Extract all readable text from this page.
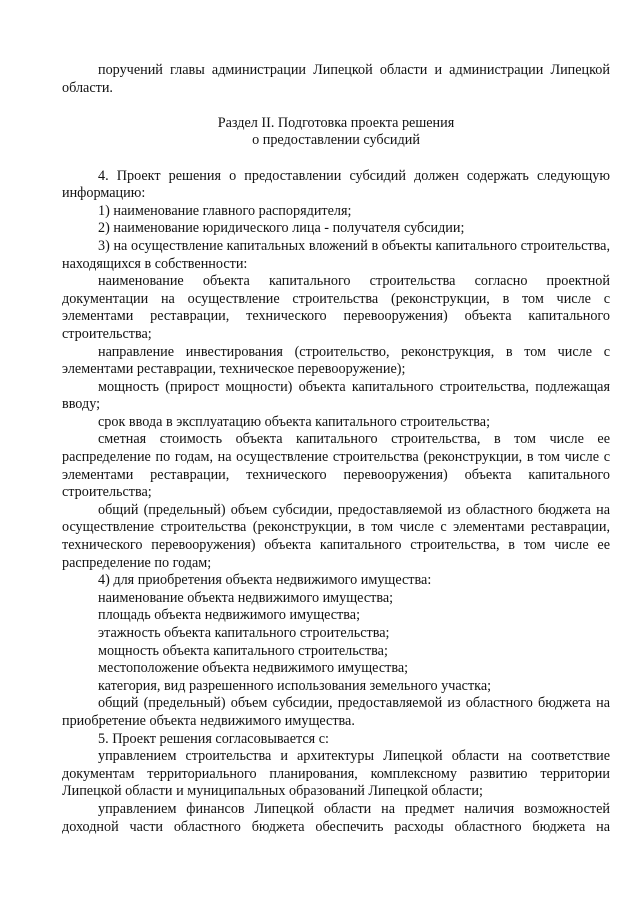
поручений главы администрации Липецкой области и администрации Липецкой области.

Раздел II. Подготовка проекта решения

о предоставлении субсидий

4. Проект решения о предоставлении субсидий должен содержать следующую информацию:

1) наименование главного распорядителя;

2) наименование юридического лица - получателя субсидии;

3) на осуществление капитальных вложений в объекты капитального строительства, находящихся в собственности:

наименование объекта капитального строительства согласно проектной документации на осуществление строительства (реконструкции, в том числе с элементами реставрации, технического перевооружения) объекта капитального строительства;

направление инвестирования (строительство, реконструкция, в том числе с элементами реставрации, техническое перевооружение);

мощность (прирост мощности) объекта капитального строительства, подлежащая вводу;

срок ввода в эксплуатацию объекта капитального строительства;

сметная стоимость объекта капитального строительства, в том числе ее распределение по годам, на осуществление строительства (реконструкции, в том числе с элементами реставрации, технического перевооружения) объекта капитального строительства;

общий (предельный) объем субсидии, предоставляемой из областного бюджета на осуществление строительства (реконструкции, в том числе с элементами реставрации, технического перевооружения) объекта капитального строительства, в том числе ее распределение по годам;

4) для приобретения объекта недвижимого имущества:

наименование объекта недвижимого имущества;

площадь объекта недвижимого имущества;

этажность объекта капитального строительства;

мощность объекта капитального строительства;

местоположение объекта недвижимого имущества;

категория, вид разрешенного использования земельного участка;

общий (предельный) объем субсидии, предоставляемой из областного бюджета на приобретение объекта недвижимого имущества.

5. Проект решения согласовывается с:

управлением строительства и архитектуры Липецкой области на соответствие документам территориального планирования, комплексному развитию территории Липецкой области и муниципальных образований Липецкой области;

управлением финансов Липецкой области на предмет наличия возможностей доходной части областного бюджета обеспечить расходы областного бюджета на
